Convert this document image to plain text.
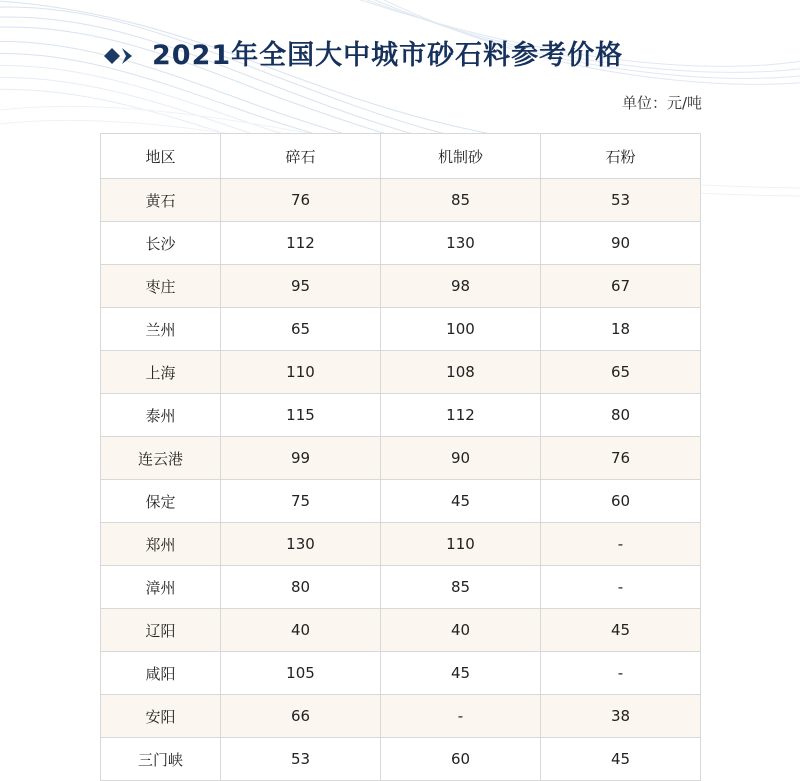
2021年全国大中城市砂石料参考价格
单位：元/吨
地区	碎石	机制砂	石粉
黄石	76	85	53
长沙	112	130	90
枣庄	95	98	67
兰州	65	100	18
上海	110	108	65
泰州	115	112	80
连云港	99	90	76
保定	75	45	60
郑州	130	110	-
漳州	80	85	-
辽阳	40	40	45
咸阳	105	45	-
安阳	66	-	38
三门峡	53	60	45
